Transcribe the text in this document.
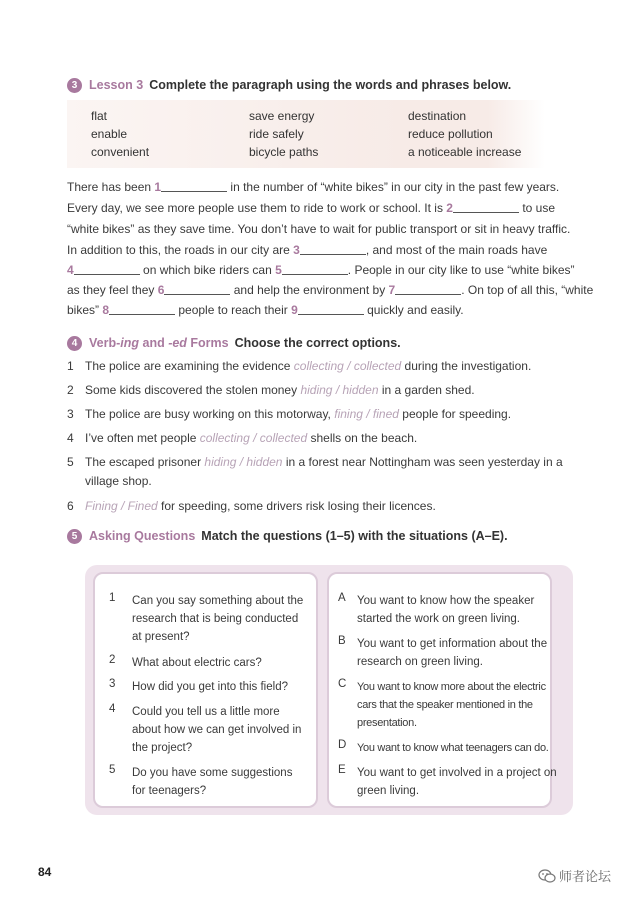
3 Lesson 3 Complete the paragraph using the words and phrases below.
flat	save energy	destination
enable	ride safely	reduce pollution
convenient	bicycle paths	a noticeable increase
There has been 1	in the number of “white bikes” in our city in the past few years.
Every day, we see more people use them to ride to work or school. It is 2	to use
“white bikes” as they save time. You don’t have to wait for public transport or sit in heavy traffic.
In addition to this, the roads in our city are 3	, and most of the main roads have
4	on which bike riders can 5	. People in our city like to use “white bikes”
as they feel they 6	and help the environment by 7	. On top of all this, “white
bikes” 8	people to reach their 9	quickly and easily.
4 Verb-ing and -ed Forms Choose the correct options.
1 The police are examining the evidence collecting / collected during the investigation.
2 Some kids discovered the stolen money hiding / hidden in a garden shed.
3 The police are busy working on this motorway, fining / fined people for speeding.
4 I’ve often met people collecting / collected shells on the beach.
5 The escaped prisoner hiding / hidden in a forest near Nottingham was seen yesterday in a
village shop.
6 Fining / Fined for speeding, some drivers risk losing their licences.
5 Asking Questions Match the questions (1–5) with the situations (A–E).
1 Can you say something about the
research that is being conducted
at present?
2 What about electric cars?
3 How did you get into this field?
4 Could you tell us a little more
about how we can get involved in
the project?
5 Do you have some suggestions
for teenagers?
A You want to know how the speaker
started the work on green living.
B You want to get information about the
research on green living.
C You want to know more about the electric
cars that the speaker mentioned in the
presentation.
D You want to know what teenagers can do.
E You want to get involved in a project on
green living.
84	师者论坛
